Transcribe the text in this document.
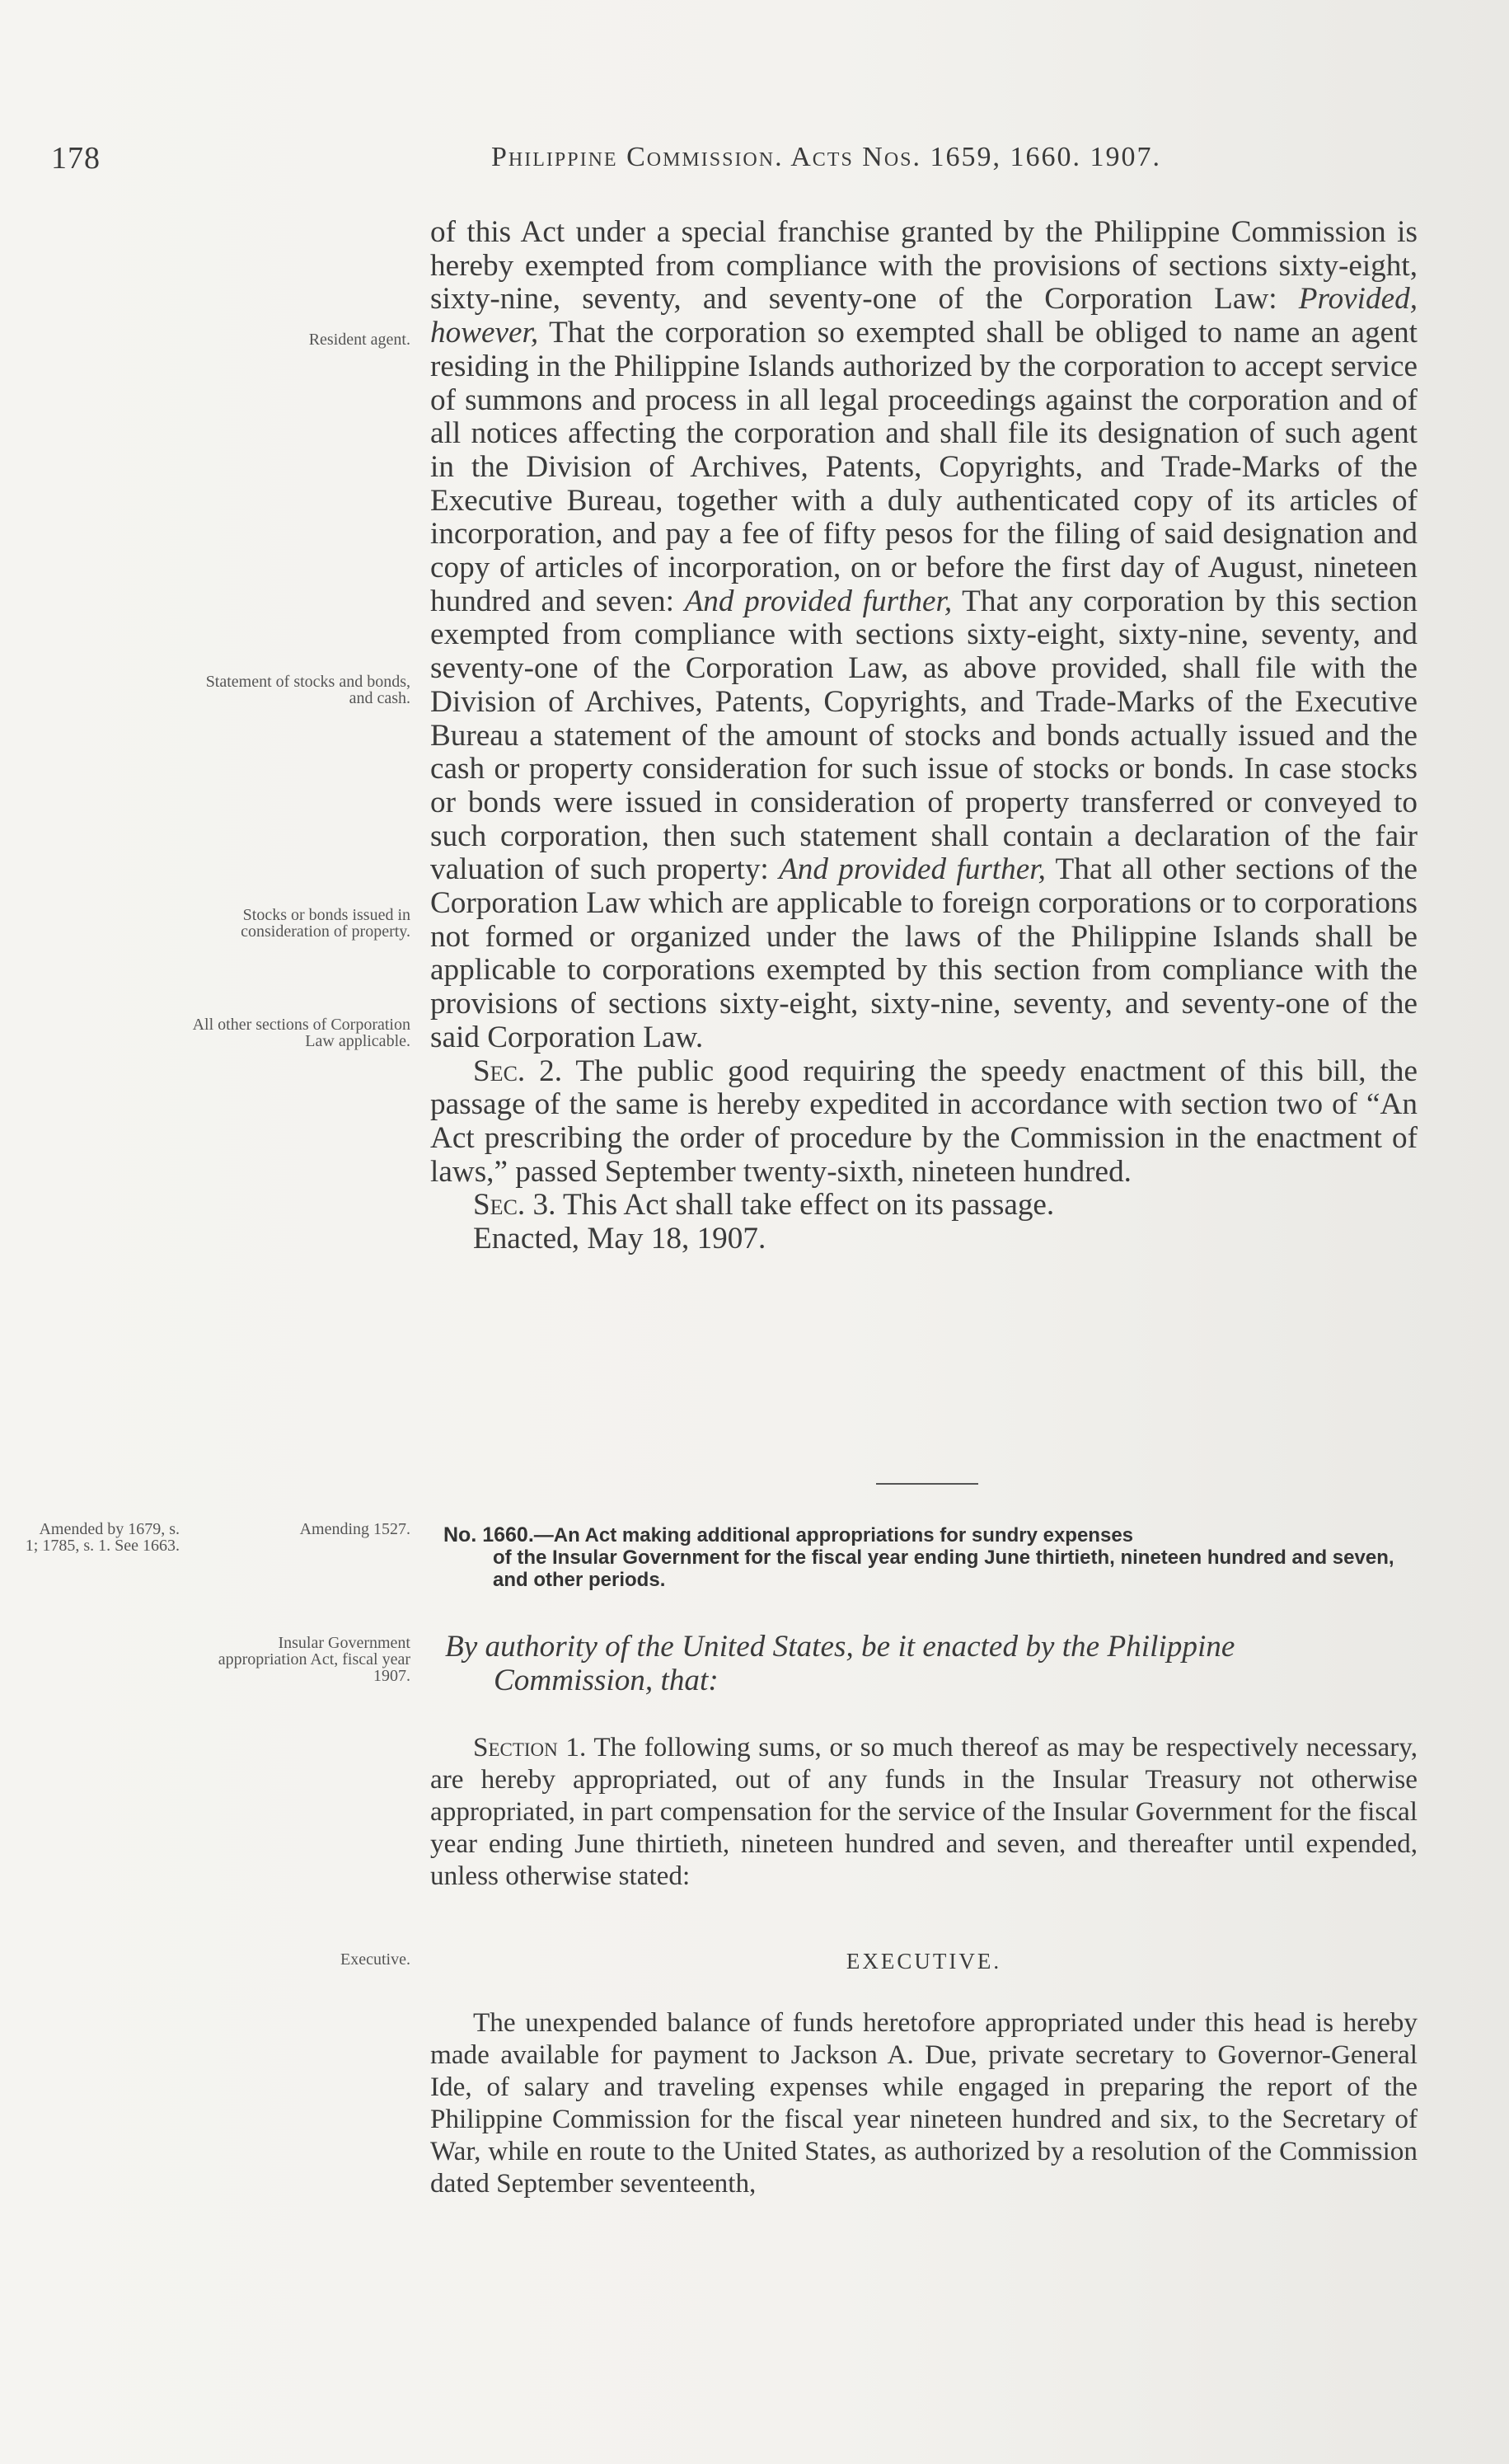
178	Philippine Commission. Acts Nos. 1659, 1660. 1907.
Resident agent.
Statement of stocks and bonds, and cash.
Stocks or bonds issued in consideration of property.
All other sections of Corporation Law applicable.
Amended by 1679, s. 1; 1785, s. 1. See 1663.
Amending 1527.
Insular Government appropriation Act, fiscal year 1907.
Executive.

of this Act under a special franchise granted by the Philippine Commission is hereby exempted from compliance with the provisions of sections sixty-eight, sixty-nine, seventy, and seventy-one of the Corporation Law: Provided, however, That the corporation so exempted shall be obliged to name an agent residing in the Philippine Islands authorized by the corporation to accept service of summons and process in all legal proceedings against the corporation and of all notices affecting the corporation and shall file its designation of such agent in the Division of Archives, Patents, Copyrights, and Trade-Marks of the Executive Bureau, together with a duly authenticated copy of its articles of incorporation, and pay a fee of fifty pesos for the filing of said designation and copy of articles of incorporation, on or before the first day of August, nineteen hundred and seven: And provided further, That any corporation by this section exempted from compliance with sections sixty-eight, sixty-nine, seventy, and seventy-one of the Corporation Law, as above provided, shall file with the Division of Archives, Patents, Copyrights, and Trade-Marks of the Executive Bureau a statement of the amount of stocks and bonds actually issued and the cash or property consideration for such issue of stocks or bonds. In case stocks or bonds were issued in consideration of property transferred or conveyed to such corporation, then such statement shall contain a declaration of the fair valuation of such property: And provided further, That all other sections of the Corporation Law which are applicable to foreign corporations or to corporations not formed or organized under the laws of the Philippine Islands shall be applicable to corporations exempted by this section from compliance with the provisions of sections sixty-eight, sixty-nine, seventy, and seventy-one of the said Corporation Law.

Sec. 2. The public good requiring the speedy enactment of this bill, the passage of the same is hereby expedited in accordance with section two of “An Act prescribing the order of procedure by the Commission in the enactment of laws,” passed September twenty-sixth, nineteen hundred.

Sec. 3. This Act shall take effect on its passage.

Enacted, May 18, 1907.

No. 1660.—An Act making additional appropriations for sundry expenses
of the Insular Government for the fiscal year ending June thirtieth, nineteen hundred and seven, and other periods.
By authority of the United States, be it enacted by the Philippine
Commission, that:

Section 1. The following sums, or so much thereof as may be respectively necessary, are hereby appropriated, out of any funds in the Insular Treasury not otherwise appropriated, in part compensation for the service of the Insular Government for the fiscal year ending June thirtieth, nineteen hundred and seven, and thereafter until expended, unless otherwise stated:

EXECUTIVE.

The unexpended balance of funds heretofore appropriated under this head is hereby made available for payment to Jackson A. Due, private secretary to Governor-General Ide, of salary and traveling expenses while engaged in preparing the report of the Philippine Commission for the fiscal year nineteen hundred and six, to the Secretary of War, while en route to the United States, as authorized by a resolution of the Commission dated September seventeenth,
